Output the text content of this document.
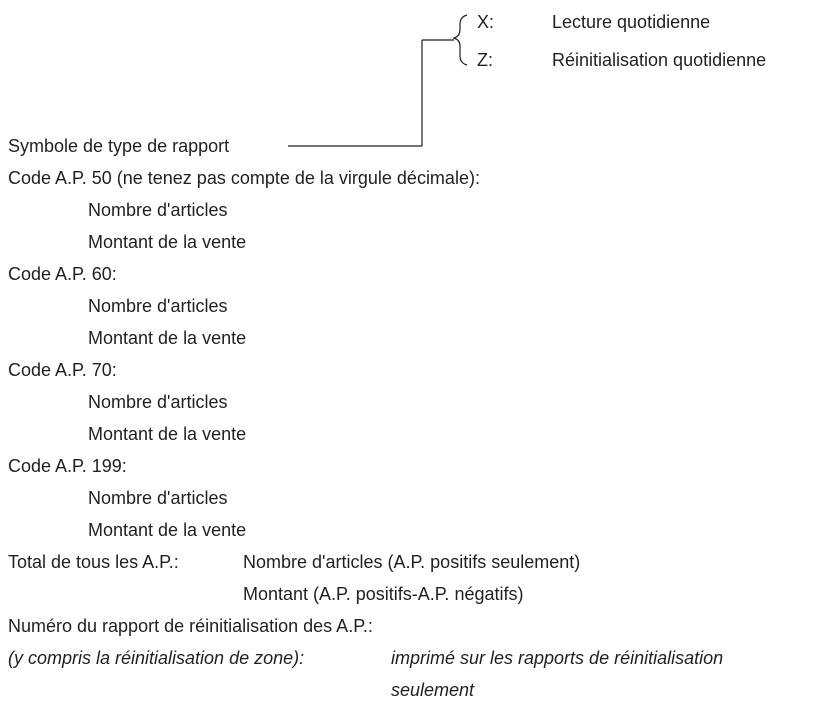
X:	Lecture quotidienne
Z:	Réinitialisation quotidienne
Symbole de type de rapport
Code A.P. 50 (ne tenez pas compte de la virgule décimale):
Nombre d'articles
Montant de la vente
Code A.P. 60:
Nombre d'articles
Montant de la vente
Code A.P. 70:
Nombre d'articles
Montant de la vente
Code A.P. 199:
Nombre d'articles
Montant de la vente
Total de tous les A.P.:	Nombre d'articles (A.P. positifs seulement)
Montant (A.P. positifs-A.P. négatifs)
Numéro du rapport de réinitialisation des A.P.:
(y compris la réinitialisation de zone):	imprimé sur les rapports de réinitialisation
seulement
